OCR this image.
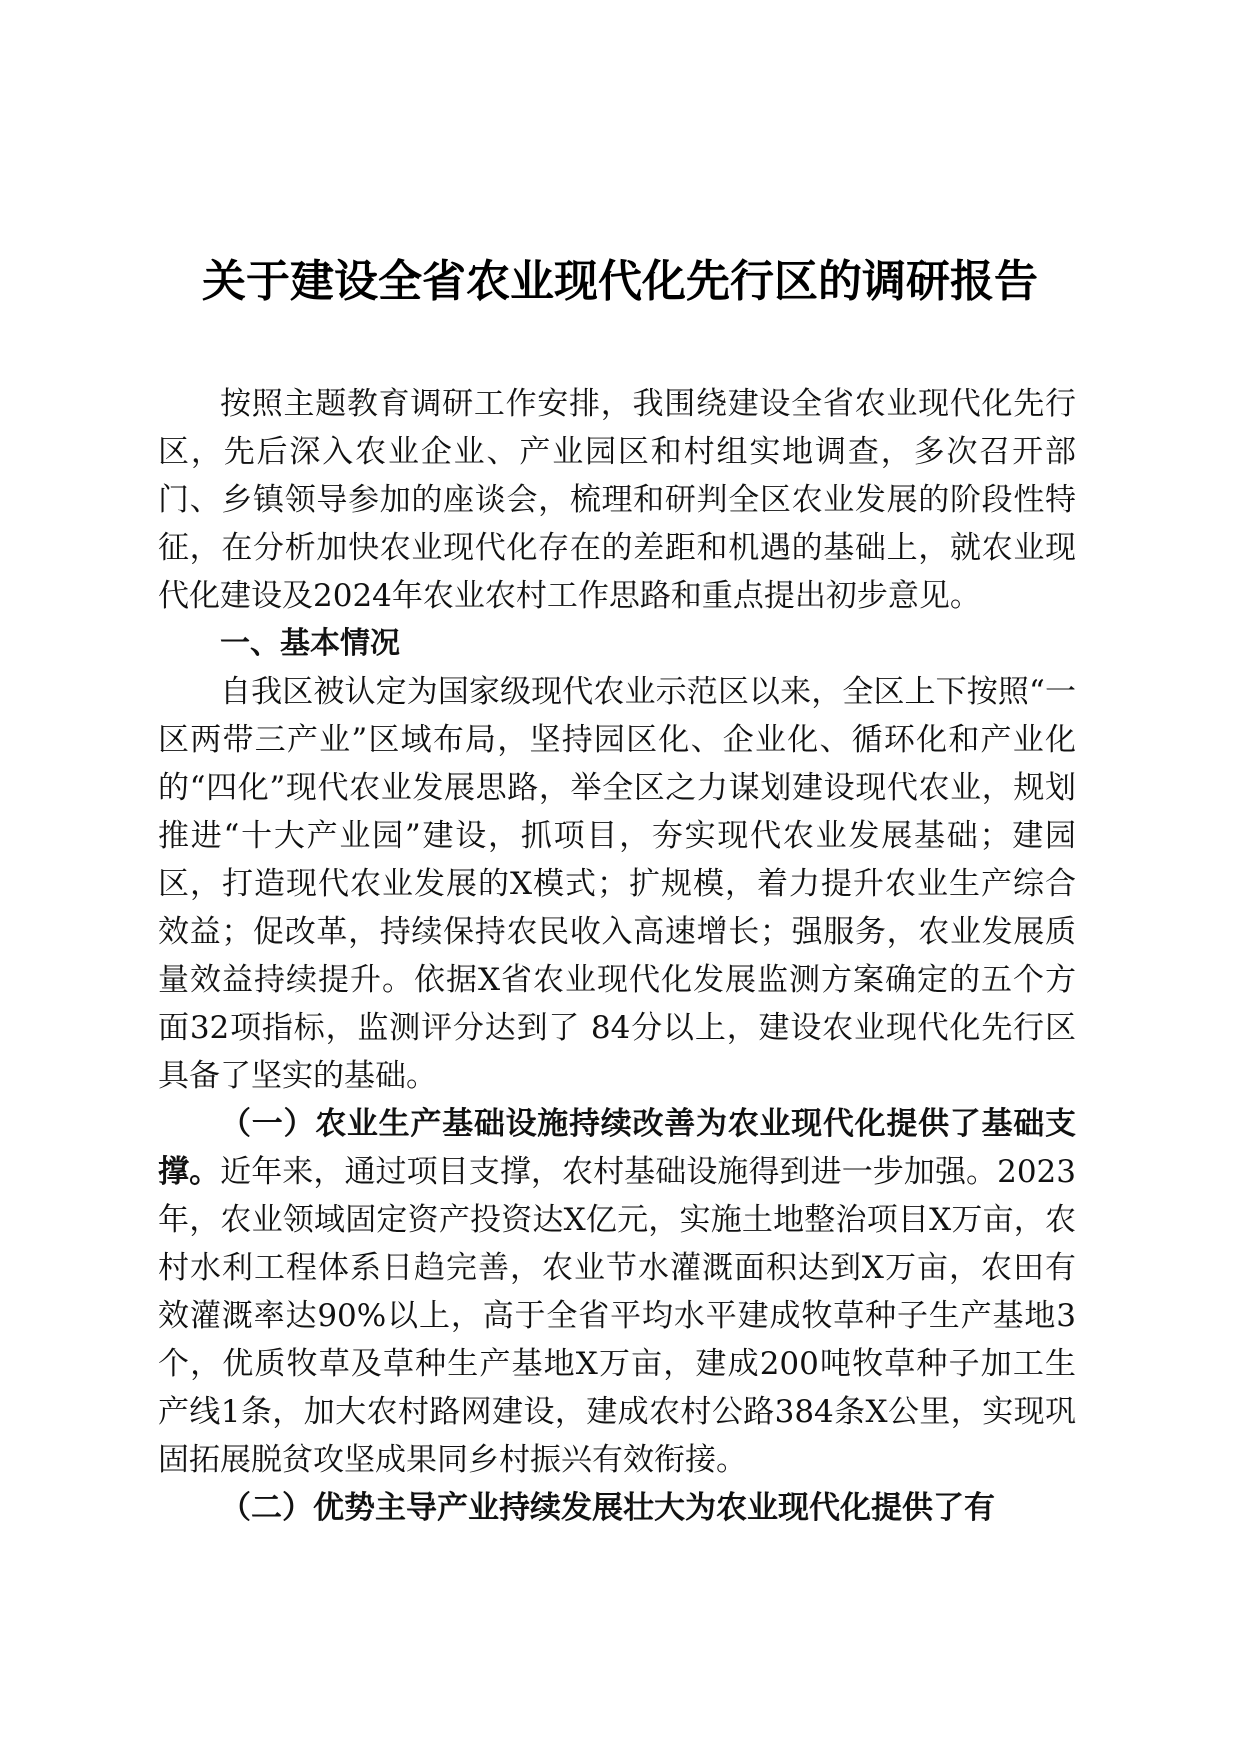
关于建设全省农业现代化先行区的调研报告

按照主题教育调研工作安排，我围绕建设全省农业现代化先行区，先后深入农业企业、产业园区和村组实地调查，多次召开部门、乡镇领导参加的座谈会，梳理和研判全区农业发展的阶段性特征，在分析加快农业现代化存在的差距和机遇的基础上，就农业现代化建设及2024年农业农村工作思路和重点提出初步意见。

一、基本情况

自我区被认定为国家级现代农业示范区以来，全区上下按照“一区两带三产业”区域布局，坚持园区化、企业化、循环化和产业化的“四化”现代农业发展思路，举全区之力谋划建设现代农业，规划推进“十大产业园”建设，抓项目，夯实现代农业发展基础；建园区，打造现代农业发展的X模式；扩规模，着力提升农业生产综合效益；促改革，持续保持农民收入高速增长；强服务，农业发展质量效益持续提升。依据X省农业现代化发展监测方案确定的五个方面32项指标，监测评分达到了 84分以上，建设农业现代化先行区具备了坚实的基础。

（一）农业生产基础设施持续改善为农业现代化提供了基础支撑。近年来，通过项目支撑，农村基础设施得到进一步加强。2023年，农业领域固定资产投资达X亿元，实施土地整治项目X万亩，农村水利工程体系日趋完善，农业节水灌溉面积达到X万亩，农田有效灌溉率达90%以上，高于全省平均水平建成牧草种子生产基地3个，优质牧草及草种生产基地X万亩，建成200吨牧草种子加工生产线1条，加大农村路网建设，建成农村公路384条X公里，实现巩固拓展脱贫攻坚成果同乡村振兴有效衔接。

（二）优势主导产业持续发展壮大为农业现代化提供了有
